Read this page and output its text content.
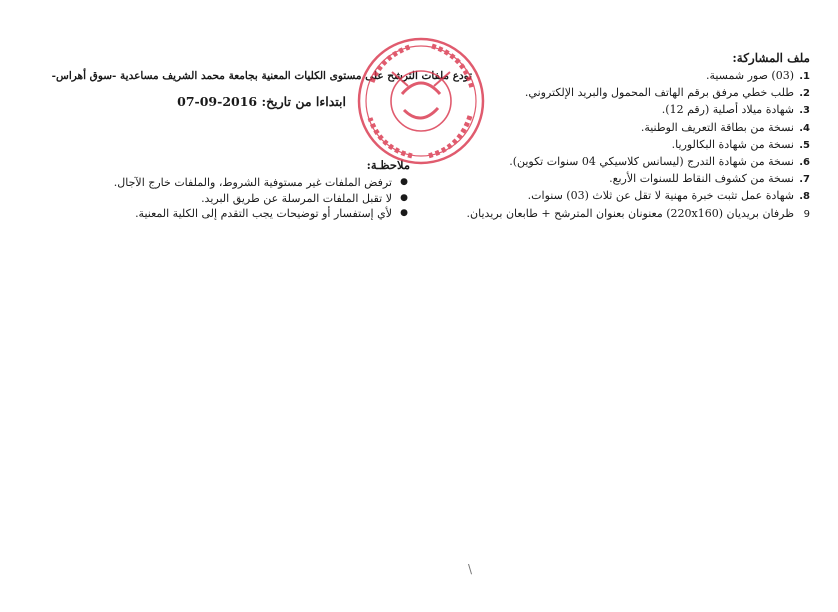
ملف المشاركة:
1.(03) صور شمسية.
2.طلب خطي مرفق برقم الهاتف المحمول والبريد الإلكتروني.
3.شهادة ميلاد أصلية (رقم 12).
4.نسخة من بطاقة التعريف الوطنية.
5.نسخة من شهادة البكالوريا.
6.نسخة من شهادة التدرج (ليسانس كلاسيكي 04 سنوات تكوين).
7.نسخة من كشوف النقاط للسنوات الأربع.
8.شهادة عمل تثبت خبرة مهنية لا تقل عن ثلاث (03) سنوات.
9ظرفان بريديان (220x160) معنونان بعنوان المترشح + طابعان بريديان.
تودع ملفات الترشح على مستوى الكليات المعنية بجامعة محمد الشريف مساعدية -سوق أهراس-
ابتداءا من تاريخ: 07-09-2016
ملاحظـة:
●
ترفض الملفات غير مستوفية الشروط، والملفات خارج الآجال.
●
لا تقبل الملفات المرسلة عن طريق البريد.
●
لأي إستفسار أو توضيحات يجب التقدم إلى الكلية المعنية.
\
